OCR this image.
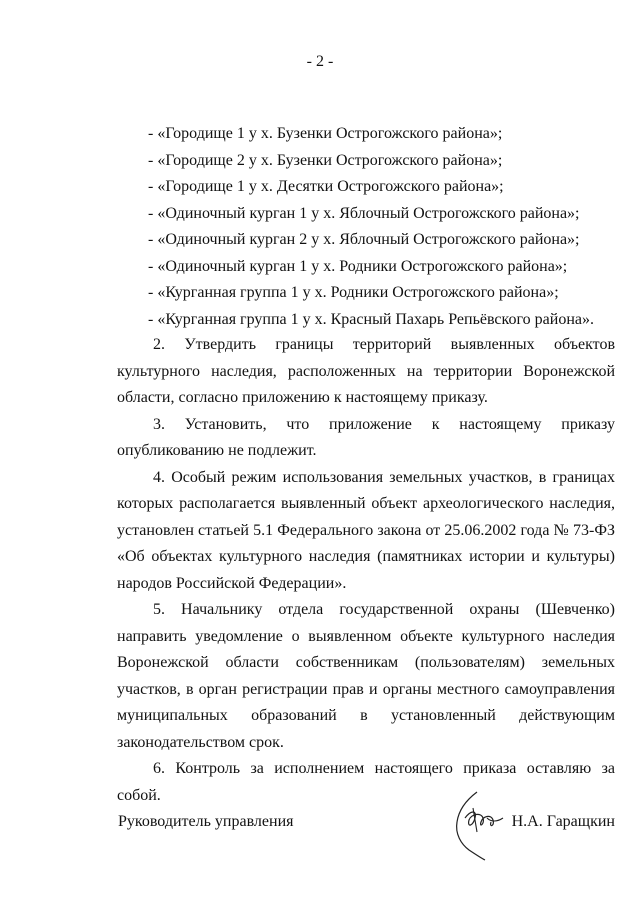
- 2 -
- «Городище 1 у х. Бузенки Острогожского района»;
- «Городище 2 у х. Бузенки Острогожского района»;
- «Городище 1 у х. Десятки Острогожского района»;
- «Одиночный курган 1 у х. Яблочный Острогожского района»;
- «Одиночный курган 2 у х. Яблочный Острогожского района»;
- «Одиночный курган 1 у х. Родники Острогожского района»;
- «Курганная группа 1 у х. Родники Острогожского района»;
- «Курганная группа 1 у х. Красный Пахарь Репьёвского района».

2. Утвердить границы территорий выявленных объектов культурного наследия, расположенных на территории Воронежской области, согласно приложению к настоящему приказу.

3. Установить, что приложение к настоящему приказу опубликованию не подлежит.

4. Особый режим использования земельных участков, в границах которых располагается выявленный объект археологического наследия, установлен статьей 5.1 Федерального закона от 25.06.2002 года № 73-ФЗ «Об объектах культурного наследия (памятниках истории и культуры) народов Российской Федерации».

5. Начальнику отдела государственной охраны (Шевченко) направить уведомление о выявленном объекте культурного наследия Воронежской области собственникам (пользователям) земельных участков, в орган регистрации прав и органы местного самоуправления муниципальных образований в установленный действующим законодательством срок.

6. Контроль за исполнением настоящего приказа оставляю за собой.

Руководитель управления	Н.А. Гаращкин
